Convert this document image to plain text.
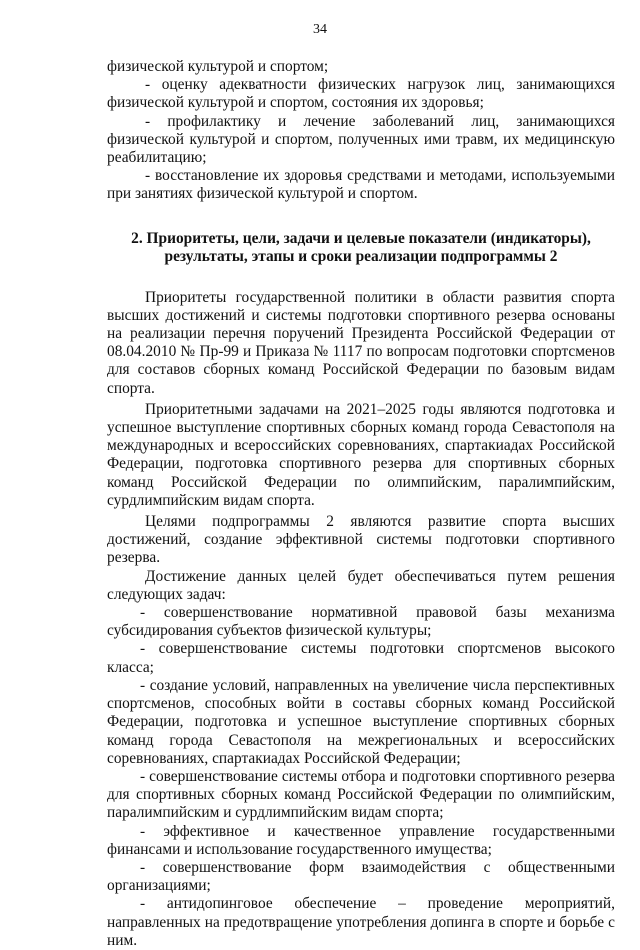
34

физической культурой и спортом;

- оценку адекватности физических нагрузок лиц, занимающихся физической культурой и спортом, состояния их здоровья;

- профилактику и лечение заболеваний лиц, занимающихся физической культурой и спортом, полученных ими травм, их медицинскую реабилитацию;

- восстановление их здоровья средствами и методами, используемыми при занятиях физической культурой и спортом.

2. Приоритеты, цели, задачи и целевые показатели (индикаторы),
результаты, этапы и сроки реализации подпрограммы 2

Приоритеты государственной политики в области развития спорта высших достижений и системы подготовки спортивного резерва основаны на реализации перечня поручений Президента Российской Федерации от 08.04.2010 № Пр-99 и Приказа № 1117 по вопросам подготовки спортсменов для составов сборных команд Российской Федерации по базовым видам спорта.

Приоритетными задачами на 2021–2025 годы являются подготовка и успешное выступление спортивных сборных команд города Севастополя на международных и всероссийских соревнованиях, спартакиадах Российской Федерации, подготовка спортивного резерва для спортивных сборных команд Российской Федерации по олимпийским, паралимпийским, сурдлимпийским видам спорта.

Целями подпрограммы 2 являются развитие спорта высших достижений, создание эффективной системы подготовки спортивного резерва.

Достижение данных целей будет обеспечиваться путем решения следующих задач:

- совершенствование нормативной правовой базы механизма субсидирования субъектов физической культуры;

- совершенствование системы подготовки спортсменов высокого класса;

- создание условий, направленных на увеличение числа перспективных спортсменов, способных войти в составы сборных команд Российской Федерации, подготовка и успешное выступление спортивных сборных команд города Севастополя на межрегиональных и всероссийских соревнованиях, спартакиадах Российской Федерации;

- совершенствование системы отбора и подготовки спортивного резерва для спортивных сборных команд Российской Федерации по олимпийским, паралимпийским и сурдлимпийским видам спорта;

- эффективное и качественное управление государственными финансами и использование государственного имущества;

- совершенствование форм взаимодействия с общественными организациями;

- антидопинговое обеспечение – проведение мероприятий, направленных на предотвращение употребления допинга в спорте и борьбе с ним.
